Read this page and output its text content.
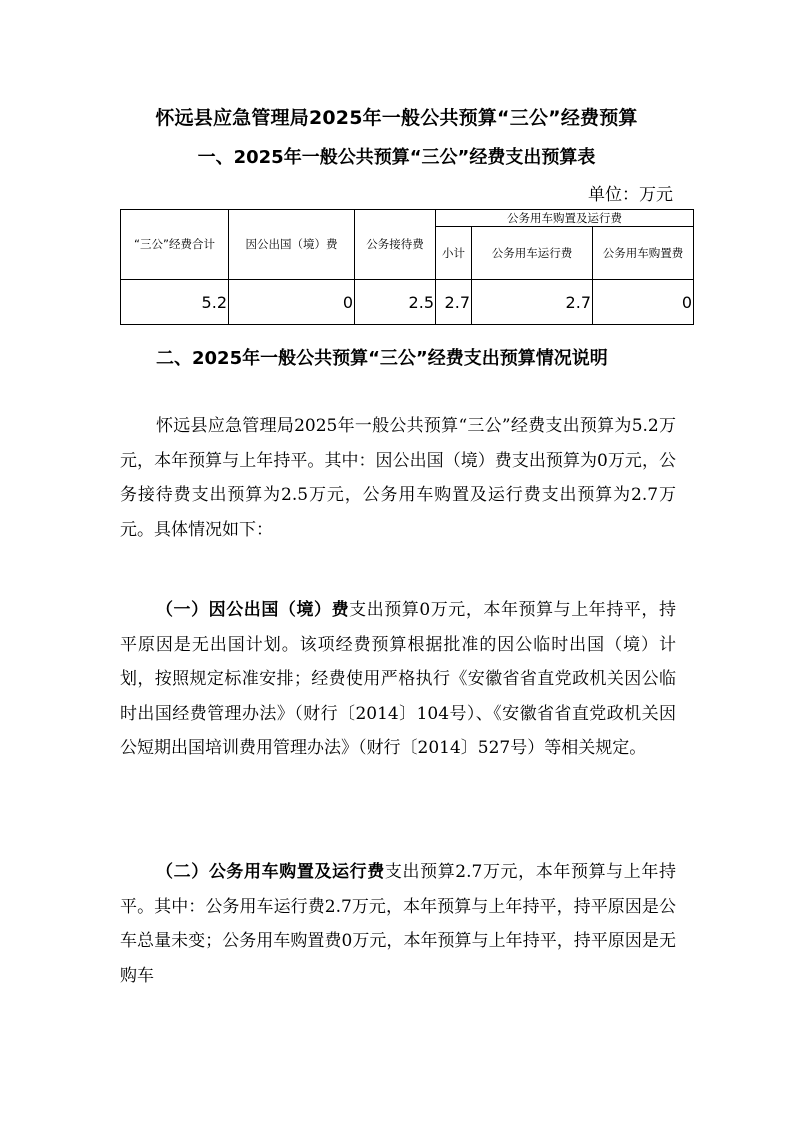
怀远县应急管理局2025年一般公共预算“三公”经费预算
一、2025年一般公共预算“三公”经费支出预算表
单位：万元
“三公”经费合计	因公出国（境）费	公务接待费	公务用车购置及运行费		
			小计	公务用车运行费	公务用车购置费
5.2	0	2.5	2.7	2.7	0
二、2025年一般公共预算“三公”经费支出预算情况说明
怀远县应急管理局2025年一般公共预算“三公”经费支出预算为5.2万元，本年预算与上年持平。其中：因公出国（境）费支出预算为0万元，公务接待费支出预算为2.5万元，公务用车购置及运行费支出预算为2.7万元。具体情况如下：
（一）因公出国（境）费支出预算0万元，本年预算与上年持平，持平原因是无出国计划。该项经费预算根据批准的因公临时出国（境）计划，按照规定标准安排；经费使用严格执行《安徽省省直党政机关因公临时出国经费管理办法》（财行〔2014〕104号）、《安徽省省直党政机关因公短期出国培训费用管理办法》（财行〔2014〕527号）等相关规定。
（二）公务用车购置及运行费支出预算2.7万元，本年预算与上年持平。其中：公务用车运行费2.7万元，本年预算与上年持平，持平原因是公车总量未变；公务用车购置费0万元，本年预算与上年持平，持平原因是无购车
